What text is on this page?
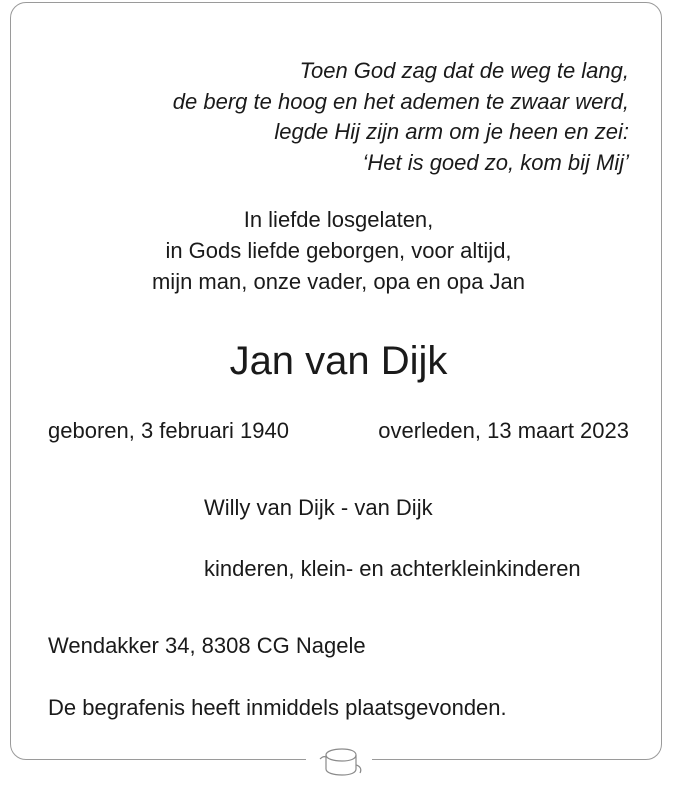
Toen God zag dat de weg te lang,
de berg te hoog en het ademen te zwaar werd,
legde Hij zijn arm om je heen en zei:
‘Het is goed zo, kom bij Mij’
In liefde losgelaten,
in Gods liefde geborgen, voor altijd,
mijn man, onze vader, opa en opa Jan
Jan van Dijk
geboren, 3 februari 1940	overleden, 13 maart 2023
Willy van Dijk - van Dijk
kinderen, klein- en achterkleinkinderen
Wendakker 34, 8308 CG Nagele
De begrafenis heeft inmiddels plaatsgevonden.
